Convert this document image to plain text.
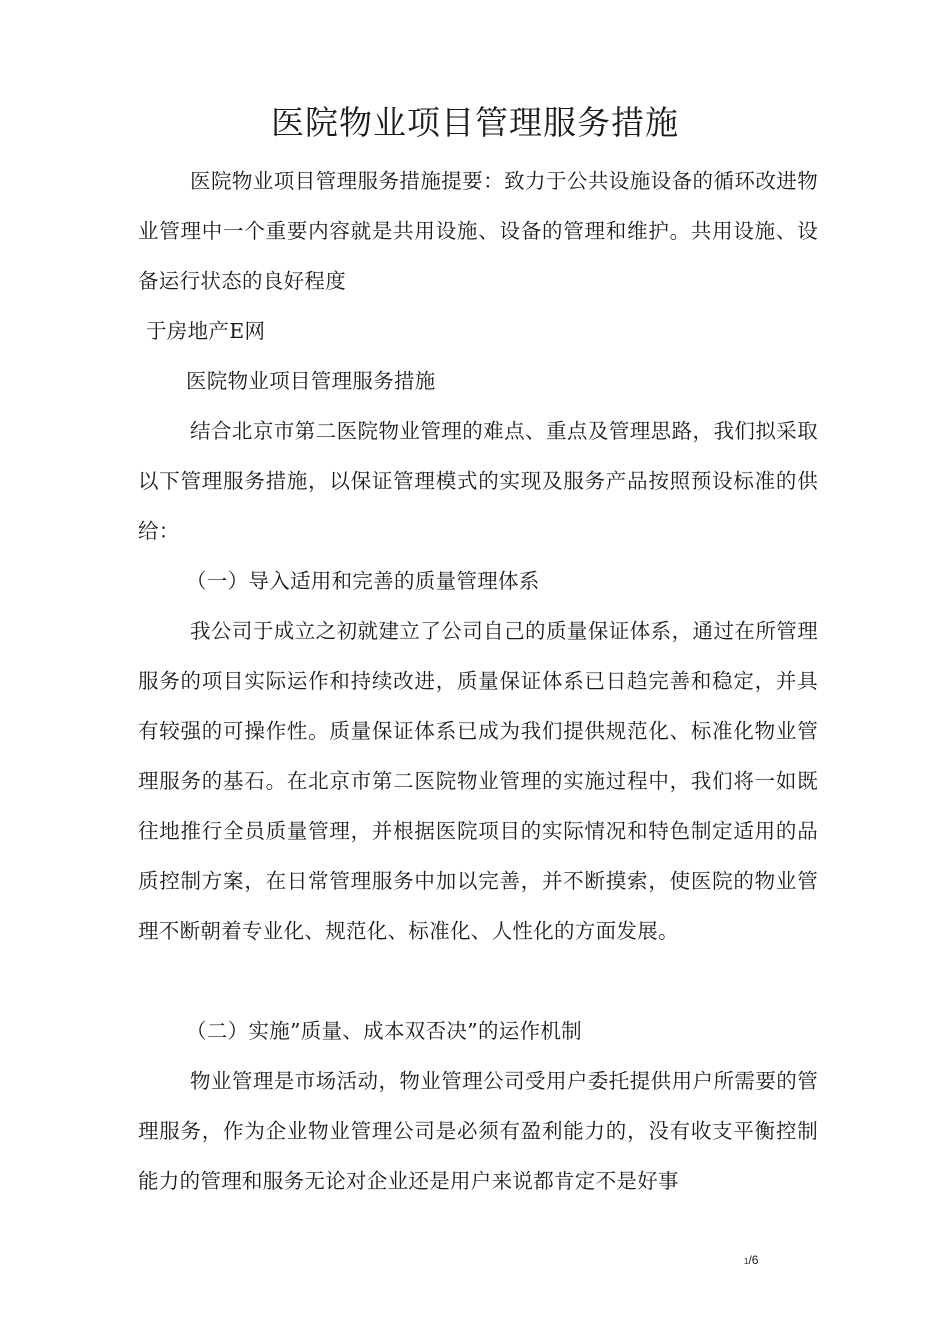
医院物业项目管理服务措施
医院物业项目管理服务措施提要：致力于公共设施设备的循环改进物业管理中一个重要内容就是共用设施、设备的管理和维护。共用设施、设备运行状态的良好程度
于房地产E网
医院物业项目管理服务措施
结合北京市第二医院物业管理的难点、重点及管理思路，我们拟采取以下管理服务措施，以保证管理模式的实现及服务产品按照预设标准的供给：
（一）导入适用和完善的质量管理体系
我公司于成立之初就建立了公司自己的质量保证体系，通过在所管理服务的项目实际运作和持续改进，质量保证体系已日趋完善和稳定，并具有较强的可操作性。质量保证体系已成为我们提供规范化、标准化物业管理服务的基石。在北京市第二医院物业管理的实施过程中，我们将一如既往地推行全员质量管理，并根据医院项目的实际情况和特色制定适用的品质控制方案，在日常管理服务中加以完善，并不断摸索，使医院的物业管理不断朝着专业化、规范化、标准化、人性化的方面发展。
（二）实施”质量、成本双否决”的运作机制
物业管理是市场活动，物业管理公司受用户委托提供用户所需要的管理服务，作为企业物业管理公司是必须有盈利能力的，没有收支平衡控制能力的管理和服务无论对企业还是用户来说都肯定不是好事
1/6
